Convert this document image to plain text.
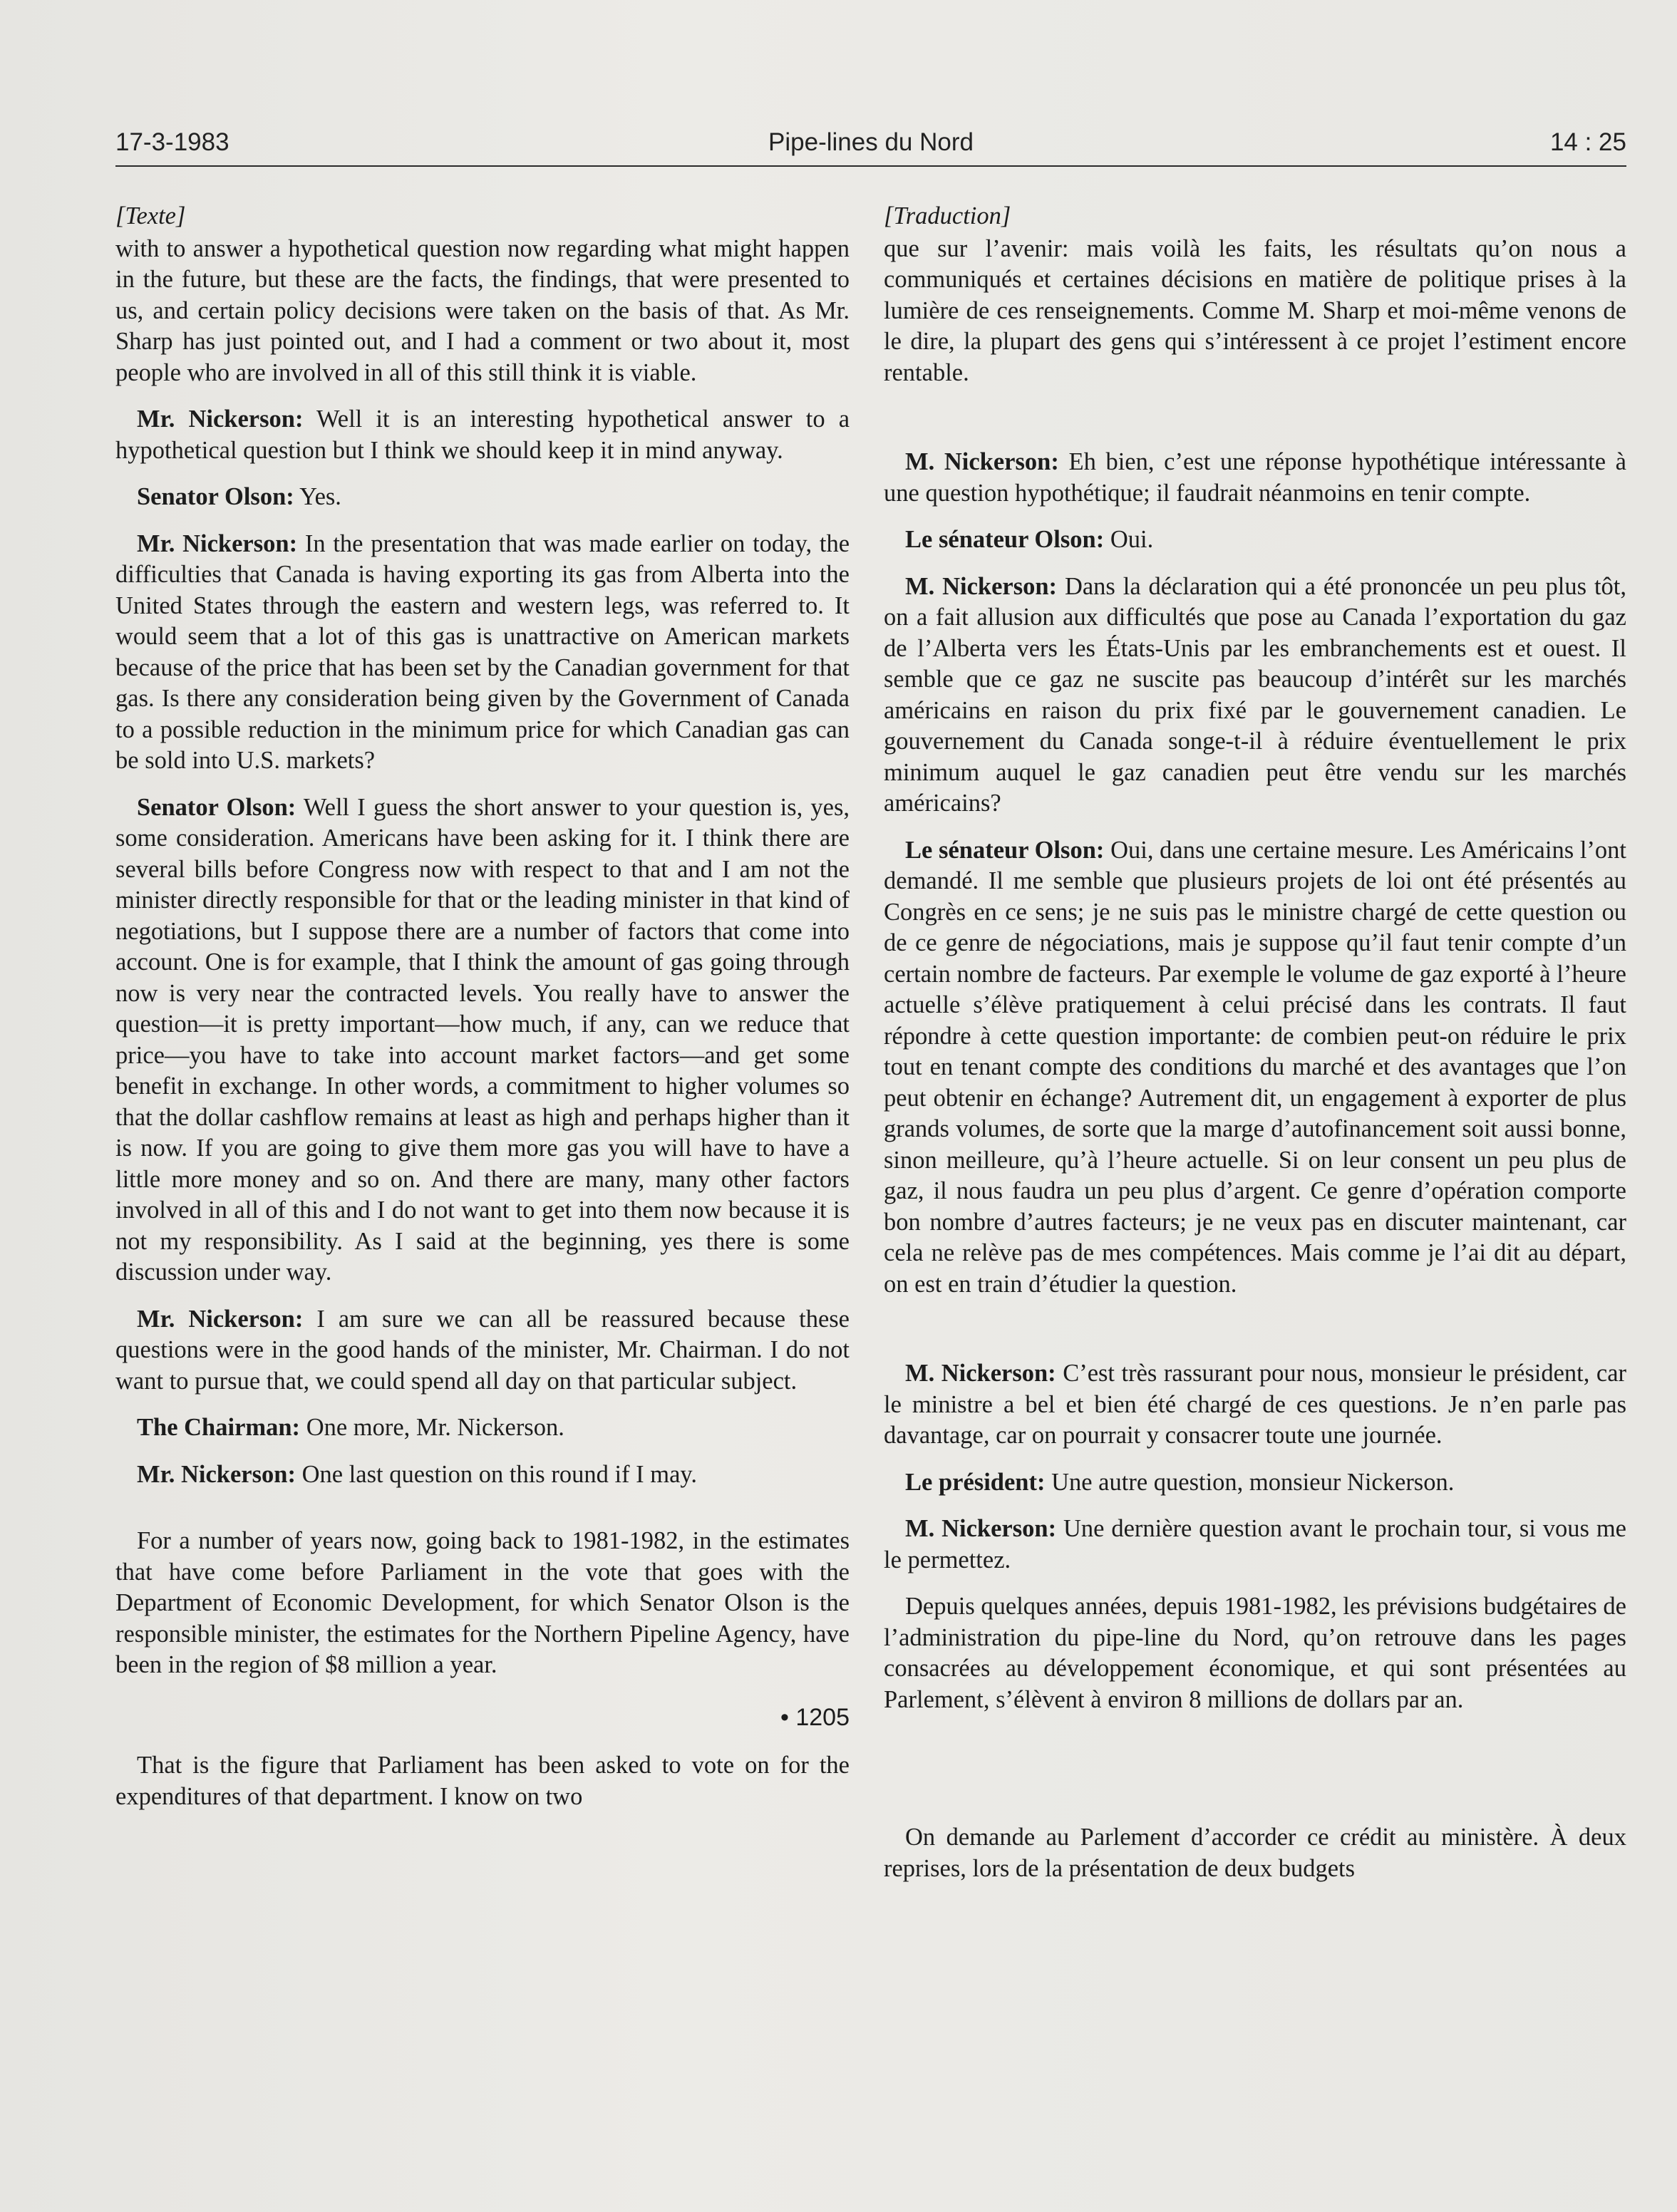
17-3-1983	Pipe-lines du Nord	14 : 25
[Texte]

with to answer a hypothetical question now regarding what might happen in the future, but these are the facts, the findings, that were presented to us, and certain policy decisions were taken on the basis of that. As Mr. Sharp has just pointed out, and I had a comment or two about it, most people who are involved in all of this still think it is viable.

Mr. Nickerson: Well it is an interesting hypothetical answer to a hypothetical question but I think we should keep it in mind anyway.

Senator Olson: Yes.

Mr. Nickerson: In the presentation that was made earlier on today, the difficulties that Canada is having exporting its gas from Alberta into the United States through the eastern and western legs, was referred to. It would seem that a lot of this gas is unattractive on American markets because of the price that has been set by the Canadian government for that gas. Is there any consideration being given by the Government of Canada to a possible reduction in the minimum price for which Canadian gas can be sold into U.S. markets?

Senator Olson: Well I guess the short answer to your question is, yes, some consideration. Americans have been asking for it. I think there are several bills before Congress now with respect to that and I am not the minister directly responsible for that or the leading minister in that kind of negotiations, but I suppose there are a number of factors that come into account. One is for example, that I think the amount of gas going through now is very near the contracted levels. You really have to answer the question—it is pretty important—how much, if any, can we reduce that price—you have to take into account market factors—and get some benefit in exchange. In other words, a commitment to higher volumes so that the dollar cashflow remains at least as high and perhaps higher than it is now. If you are going to give them more gas you will have to have a little more money and so on. And there are many, many other factors involved in all of this and I do not want to get into them now because it is not my responsibility. As I said at the beginning, yes there is some discussion under way.

Mr. Nickerson: I am sure we can all be reassured because these questions were in the good hands of the minister, Mr. Chairman. I do not want to pursue that, we could spend all day on that particular subject.

The Chairman: One more, Mr. Nickerson.

Mr. Nickerson: One last question on this round if I may.

For a number of years now, going back to 1981-1982, in the estimates that have come before Parliament in the vote that goes with the Department of Economic Development, for which Senator Olson is the responsible minister, the estimates for the Northern Pipeline Agency, have been in the region of $8 million a year.

• 1205

That is the figure that Parliament has been asked to vote on for the expenditures of that department. I know on two

[Traduction]

que sur l’avenir: mais voilà les faits, les résultats qu’on nous a communiqués et certaines décisions en matière de politique prises à la lumière de ces renseignements. Comme M. Sharp et moi-même venons de le dire, la plupart des gens qui s’intéressent à ce projet l’estiment encore rentable.

M. Nickerson: Eh bien, c’est une réponse hypothétique intéressante à une question hypothétique; il faudrait néanmoins en tenir compte.

Le sénateur Olson: Oui.

M. Nickerson: Dans la déclaration qui a été prononcée un peu plus tôt, on a fait allusion aux difficultés que pose au Canada l’exportation du gaz de l’Alberta vers les États-Unis par les embranchements est et ouest. Il semble que ce gaz ne suscite pas beaucoup d’intérêt sur les marchés américains en raison du prix fixé par le gouvernement canadien. Le gouvernement du Canada songe-t-il à réduire éventuellement le prix minimum auquel le gaz canadien peut être vendu sur les marchés américains?

Le sénateur Olson: Oui, dans une certaine mesure. Les Américains l’ont demandé. Il me semble que plusieurs projets de loi ont été présentés au Congrès en ce sens; je ne suis pas le ministre chargé de cette question ou de ce genre de négociations, mais je suppose qu’il faut tenir compte d’un certain nombre de facteurs. Par exemple le volume de gaz exporté à l’heure actuelle s’élève pratiquement à celui précisé dans les contrats. Il faut répondre à cette question importante: de combien peut-on réduire le prix tout en tenant compte des conditions du marché et des avantages que l’on peut obtenir en échange? Autrement dit, un engagement à exporter de plus grands volumes, de sorte que la marge d’autofinancement soit aussi bonne, sinon meilleure, qu’à l’heure actuelle. Si on leur consent un peu plus de gaz, il nous faudra un peu plus d’argent. Ce genre d’opération comporte bon nombre d’autres facteurs; je ne veux pas en discuter maintenant, car cela ne relève pas de mes compétences. Mais comme je l’ai dit au départ, on est en train d’étudier la question.

M. Nickerson: C’est très rassurant pour nous, monsieur le président, car le ministre a bel et bien été chargé de ces questions. Je n’en parle pas davantage, car on pourrait y consacrer toute une journée.

Le président: Une autre question, monsieur Nickerson.

M. Nickerson: Une dernière question avant le prochain tour, si vous me le permettez.

Depuis quelques années, depuis 1981-1982, les prévisions budgétaires de l’administration du pipe-line du Nord, qu’on retrouve dans les pages consacrées au développement économique, et qui sont présentées au Parlement, s’élèvent à environ 8 millions de dollars par an.

On demande au Parlement d’accorder ce crédit au ministère. À deux reprises, lors de la présentation de deux budgets
